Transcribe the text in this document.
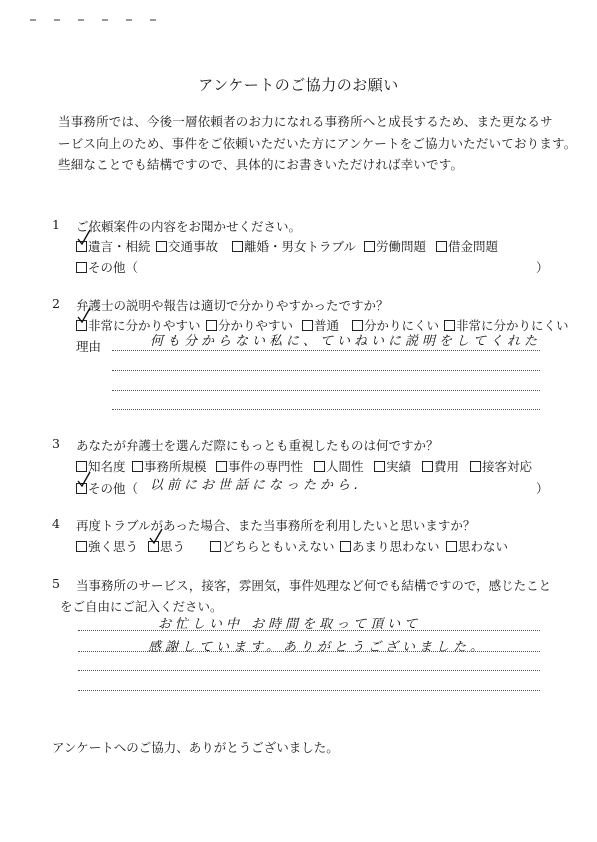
アンケートのご協力のお願い
当事務所では、今後一層依頼者のお力になれる事務所へと成長するため、また更なるサ
ービス向上のため、事件をご依頼いただいた方にアンケートをご協力いただいております。
些細なことでも結構ですので、具体的にお書きいただければ幸いです。
1 ご依頼案件の内容をお聞かせください。
遺言・相続	交通事故	離婚・男女トラブル	労働問題	借金問題
その他（	）
2 弁護士の説明や報告は適切で分かりやすかったですか？
非常に分かりやすい	分かりやすい	普通	分かりにくい	非常に分かりにくい
理由	何も分からない私に、ていねいに説明をしてくれた
3 あなたが弁護士を選んだ際にもっとも重視したものは何ですか？
知名度	事務所規模	事件の専門性	人間性	実績	費用	接客対応
その他（ 以前にお世話になったから.	）
4 再度トラブルがあった場合、また当事務所を利用したいと思いますか？
強く思う	思う	どちらともいえない	あまり思わない	思わない
5 当事務所のサービス，接客，雰囲気，事件処理など何でも結構ですので，感じたこと
をご自由にご記入ください。
お忙しい中 お時間を取って頂いて
感謝しています。ありがとうございました。
アンケートへのご協力、ありがとうございました。
